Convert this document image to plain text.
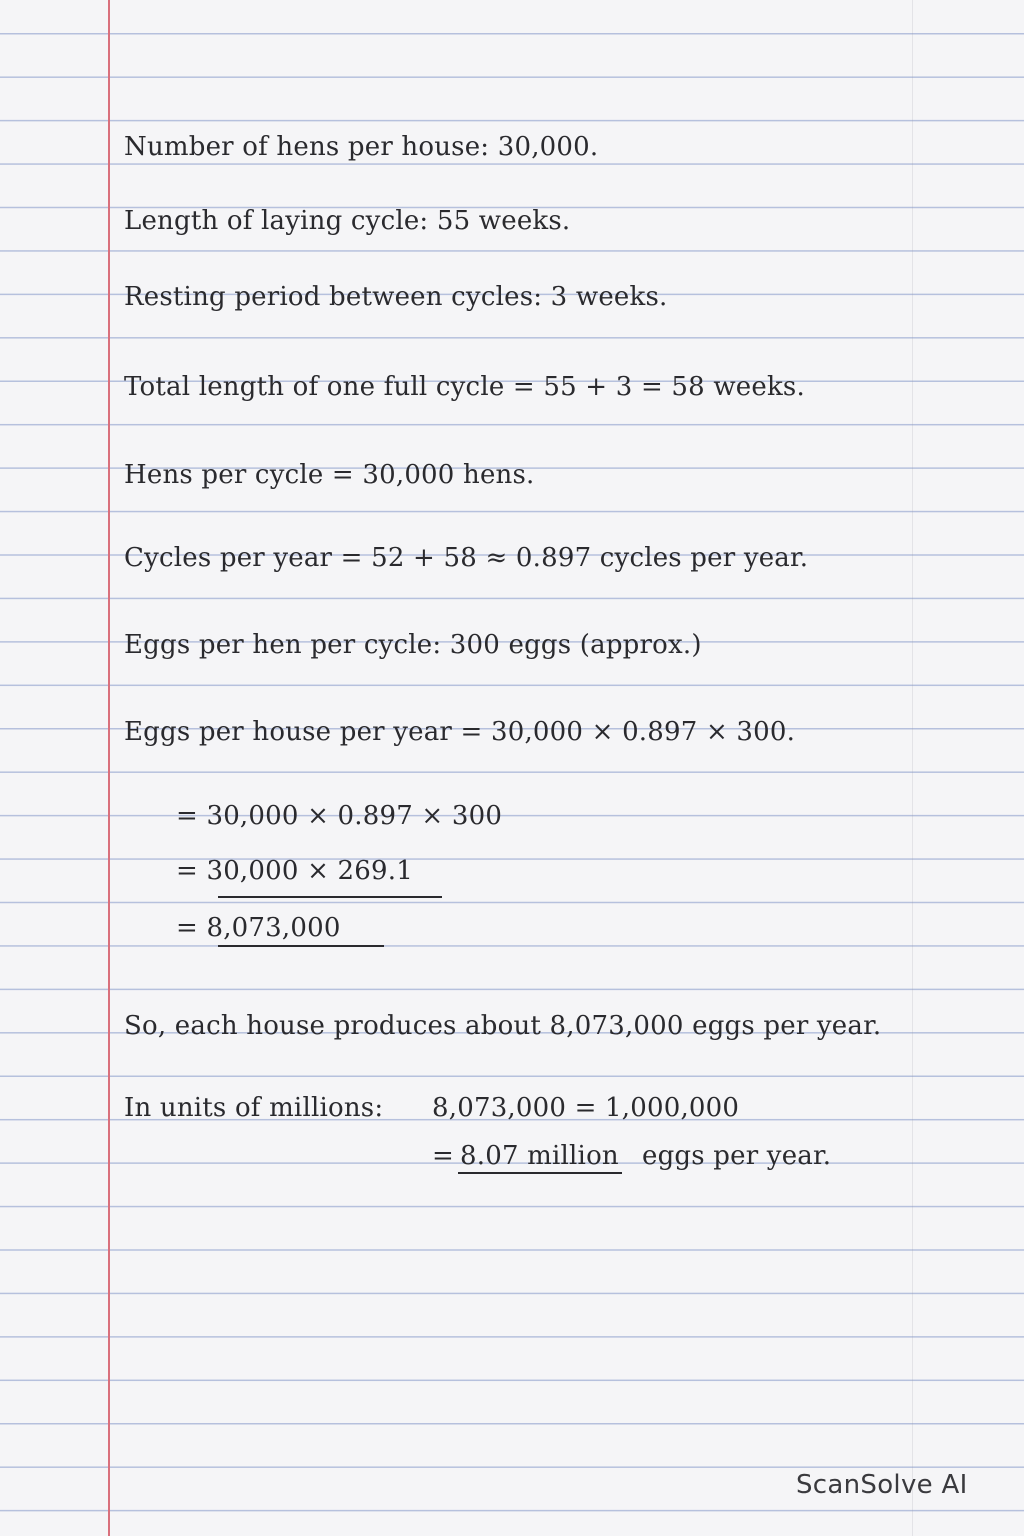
Number of hens per house: 30,000.
Length of laying cycle: 55 weeks.
Resting period between cycles: 3 weeks.
Total length of one full cycle = 55 + 3 = 58 weeks.
Hens per cycle = 30,000 hens.
Cycles per year = 52 + 58 ≈ 0.897 cycles per year.
Eggs per hen per cycle: 300 eggs (approx.)
Eggs per house per year = 30,000 × 0.897 × 300.
= 30,000 × 0.897 × 300
= 30,000 × 269.1
= 8,073,000
So, each house produces about 8,073,000 eggs per year.
In units of millions: 8,073,000 = 1,000,000
= 8.07 million eggs per year.
ScanSolve AI
